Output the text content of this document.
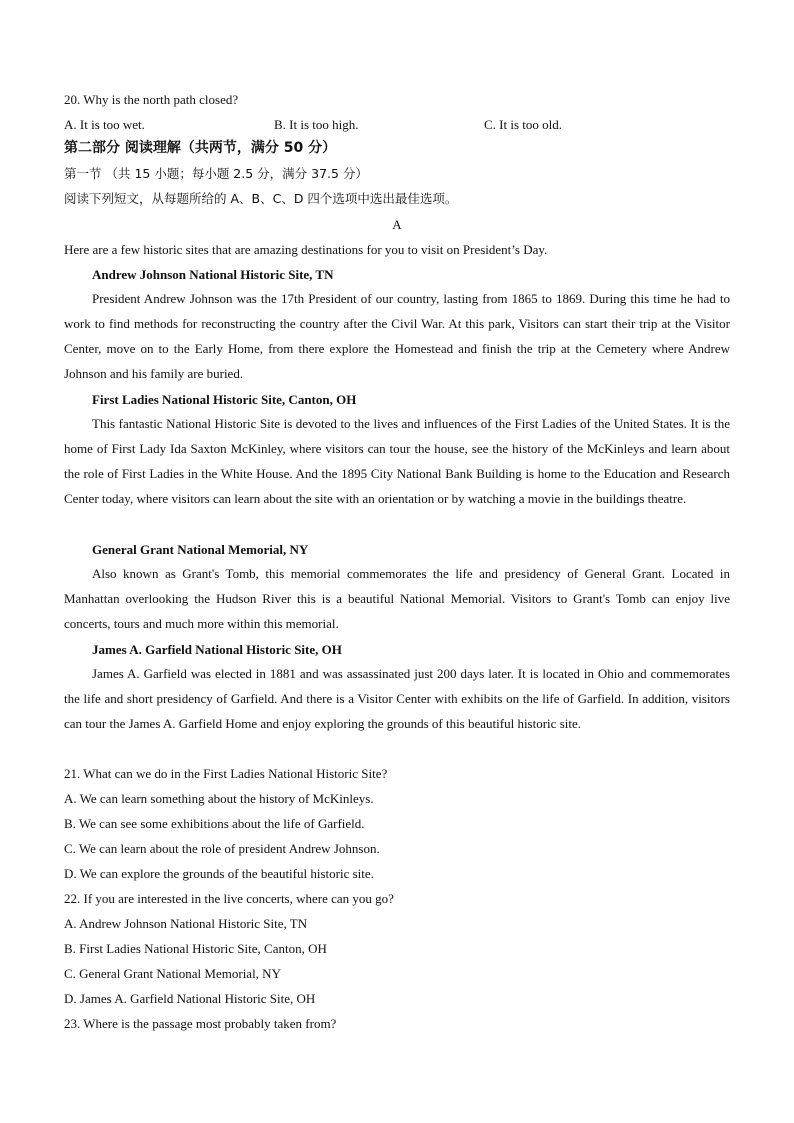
20. Why is the north path closed?
A. It is too wet.	B. It is too high.	C. It is too old.
第二部分 阅读理解（共两节，满分 50 分）
第一节 （共 15 小题；每小题 2.5 分，满分 37.5 分）
阅读下列短文，从每题所给的 A、B、C、D 四个选项中选出最佳选项。
A
Here are a few historic sites that are amazing destinations for you to visit on President’s Day.
Andrew Johnson National Historic Site, TN
President Andrew Johnson was the 17th President of our country, lasting from 1865 to 1869. During this time he had to work to find methods for reconstructing the country after the Civil War. At this park, Visitors can start their trip at the Visitor Center, move on to the Early Home, from there explore the Homestead and finish the trip at the Cemetery where Andrew Johnson and his family are buried.
First Ladies National Historic Site, Canton, OH
This fantastic National Historic Site is devoted to the lives and influences of the First Ladies of the United States. It is the home of First Lady Ida Saxton McKinley, where visitors can tour the house, see the history of the McKinleys and learn about the role of First Ladies in the White House. And the 1895 City National Bank Building is home to the Education and Research Center today, where visitors can learn about the site with an orientation or by watching a movie in the buildings theatre.
General Grant National Memorial, NY
Also known as Grant's Tomb, this memorial commemorates the life and presidency of General Grant. Located in Manhattan overlooking the Hudson River this is a beautiful National Memorial. Visitors to Grant's Tomb can enjoy live concerts, tours and much more within this memorial.
James A. Garfield National Historic Site, OH
James A. Garfield was elected in 1881 and was assassinated just 200 days later. It is located in Ohio and commemorates the life and short presidency of Garfield. And there is a Visitor Center with exhibits on the life of Garfield. In addition, visitors can tour the James A. Garfield Home and enjoy exploring the grounds of this beautiful historic site.
21. What can we do in the First Ladies National Historic Site?
A. We can learn something about the history of McKinleys.
B. We can see some exhibitions about the life of Garfield.
C. We can learn about the role of president Andrew Johnson.
D. We can explore the grounds of the beautiful historic site.
22. If you are interested in the live concerts, where can you go?
A. Andrew Johnson National Historic Site, TN
B. First Ladies National Historic Site, Canton, OH
C. General Grant National Memorial, NY
D. James A. Garfield National Historic Site, OH
23. Where is the passage most probably taken from?
